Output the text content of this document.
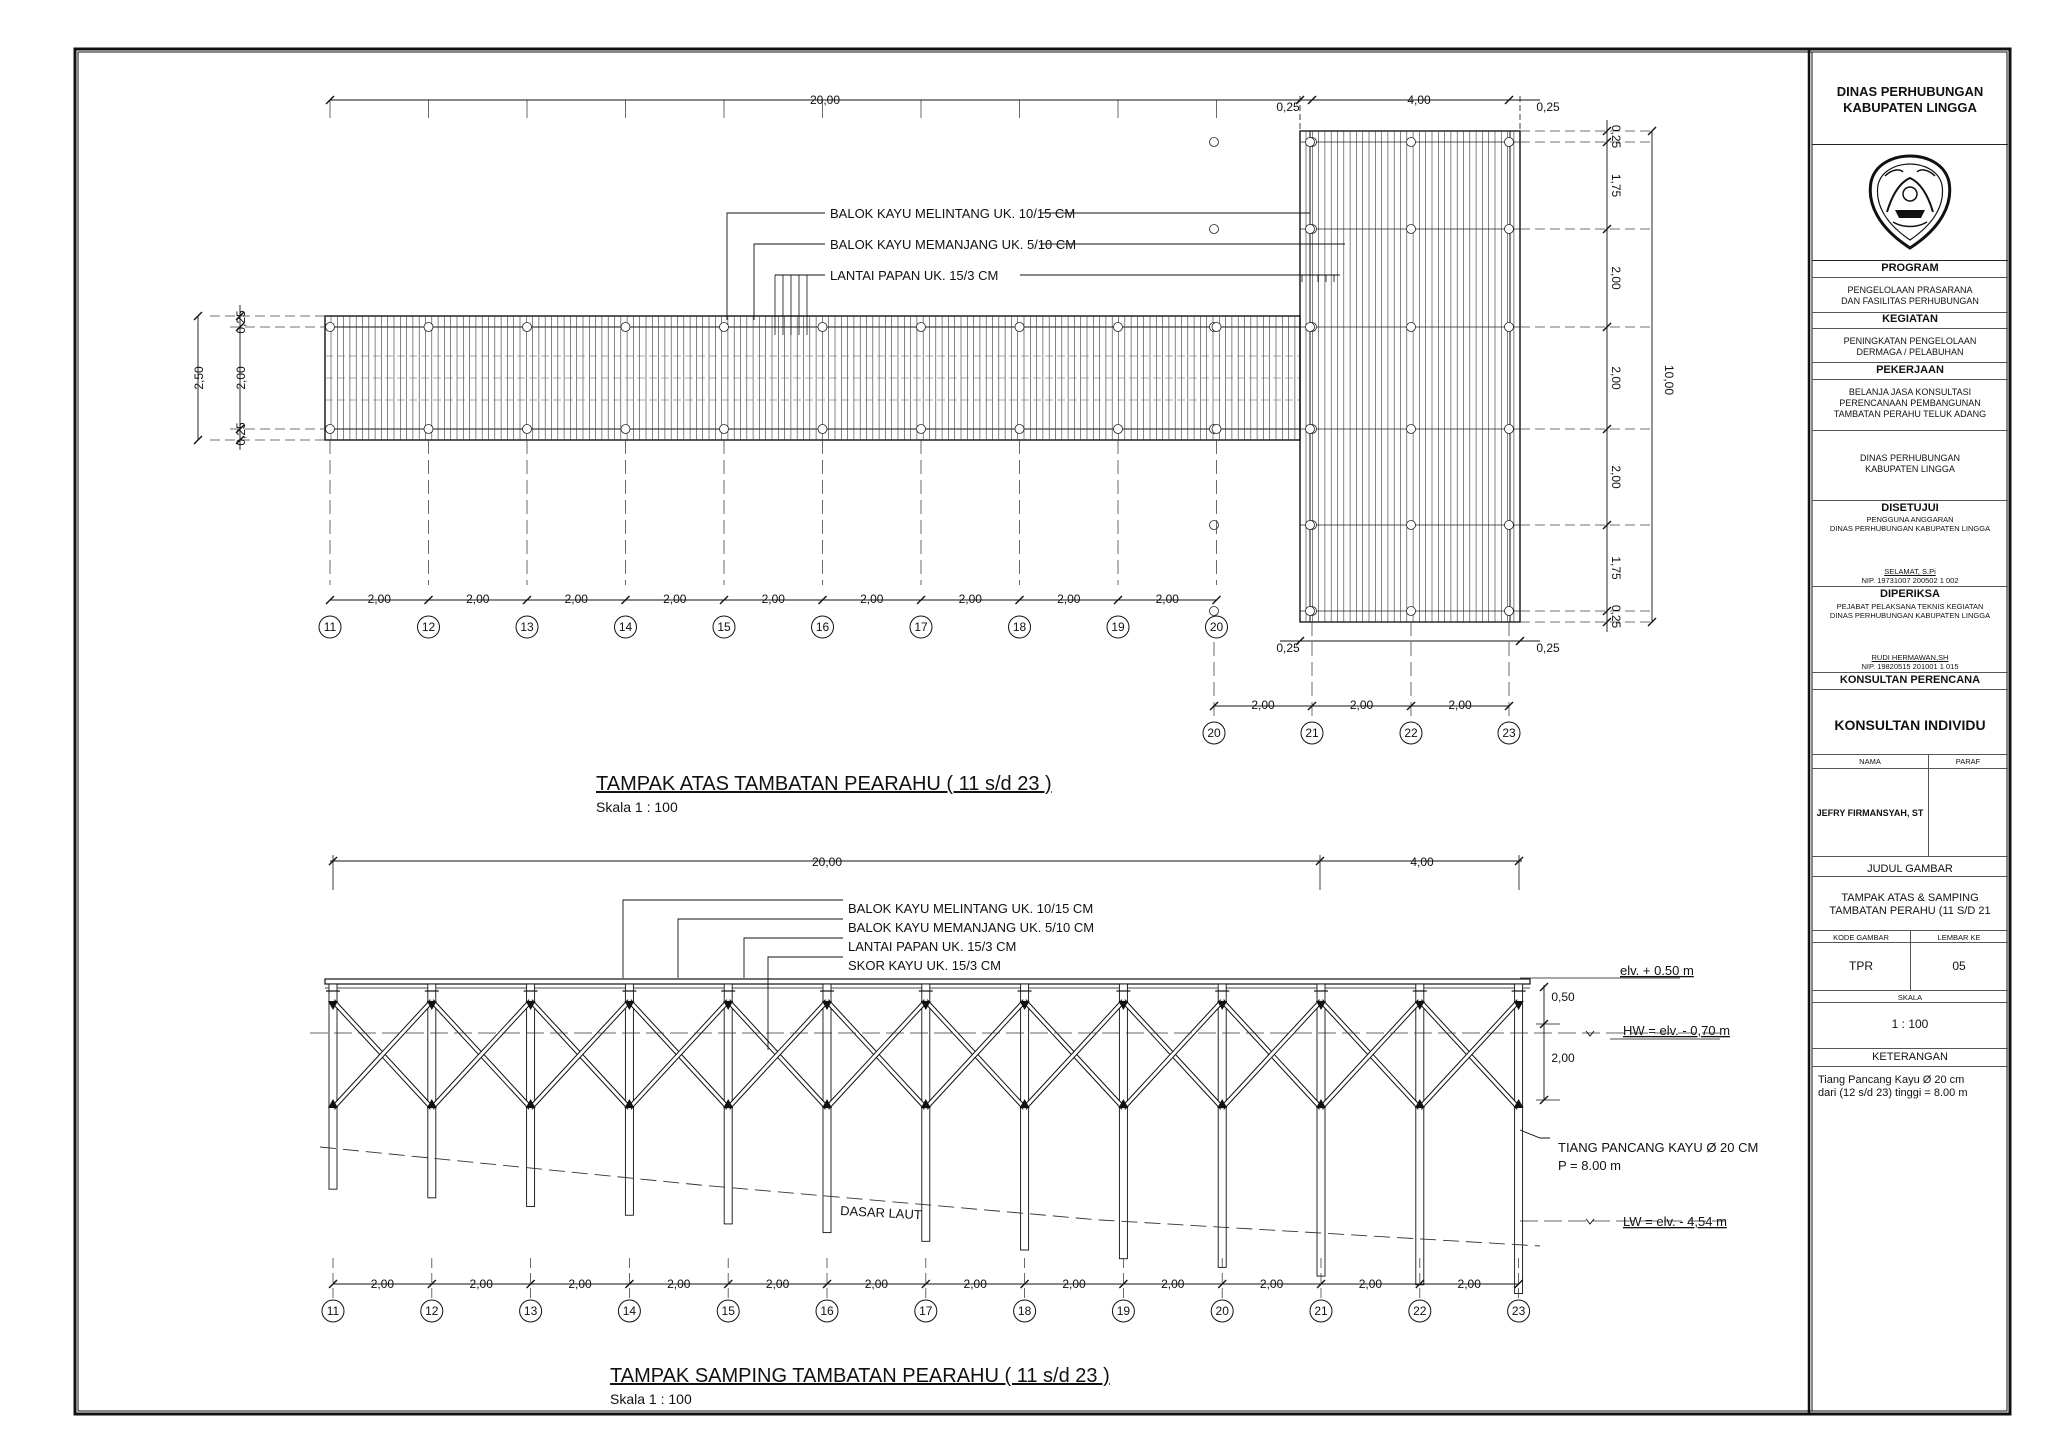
20,00	4,00
0,25	0,25
0,25	0,25
2,50 2,00
0,25
0,25
10,00
0,25
1,75
2,00
2,00
2,00
1,75
0,25
2,00	2,00	2,00	2,00	2,00	2,00	2,00	2,00	2,00
2,00	2,00	2,00
BALOK KAYU MELINTANG UK. 10/15 CM
BALOK KAYU MEMANJANG UK. 5/10 CM
LANTAI PAPAN UK. 15/3 CM
11	12	13	14	15	16	17	18	19	20
20	21	22	23
TAMPAK ATAS TAMBATAN PEARAHU ( 11 s/d 23 )
Skala 1 : 100
20,00	4,00
BALOK KAYU MELINTANG UK. 10/15 CM
BALOK KAYU MEMANJANG UK. 5/10 CM
LANTAI PAPAN UK. 15/3 CM
SKOR KAYU UK. 15/3 CM
TIANG PANCANG KAYU Ø 20 CM
P = 8.00 m
DASAR LAUT
elv. + 0.50 m
HW = elv. - 0,70 m
LW = elv. - 4,54 m
0,50
2,00
2,00	2,00	2,00	2,00	2,00	2,00	2,00	2,00	2,00	2,00	2,00	2,00
11	12	13	14	15	16	17	18	19	20	21	22	23
TAMPAK SAMPING TAMBATAN PEARAHU ( 11 s/d 23 )
Skala 1 : 100
DINAS PERHUBUNGAN
KABUPATEN LINGGA
PROGRAM
PENGELOLAAN PRASARANA
DAN FASILITAS PERHUBUNGAN
KEGIATAN
PENINGKATAN PENGELOLAAN
DERMAGA / PELABUHAN
PEKERJAAN
BELANJA JASA KONSULTASI
PERENCANAAN PEMBANGUNAN
TAMBATAN PERAHU TELUK ADANG
DINAS PERHUBUNGAN
KABUPATEN LINGGA
DISETUJUI
PENGGUNA ANGGARAN
DINAS PERHUBUNGAN KABUPATEN LINGGA
SELAMAT, S.Pi
NIP. 19731007 200502 1 002
DIPERIKSA
PEJABAT PELAKSANA TEKNIS KEGIATAN
DINAS PERHUBUNGAN KABUPATEN LINGGA
RUDI HERMAWAN,SH
NIP. 19820515 201001 1 015
KONSULTAN PERENCANA
KONSULTAN INDIVIDU
NAMA	PARAF
JEFRY FIRMANSYAH, ST
JUDUL GAMBAR
TAMPAK ATAS & SAMPING
TAMBATAN PERAHU (11 S/D 21
KODE GAMBAR	LEMBAR KE
TPR	05
SKALA
1 : 100
KETERANGAN
Tiang Pancang Kayu Ø 20 cm
dari (12 s/d 23) tinggi = 8.00 m
